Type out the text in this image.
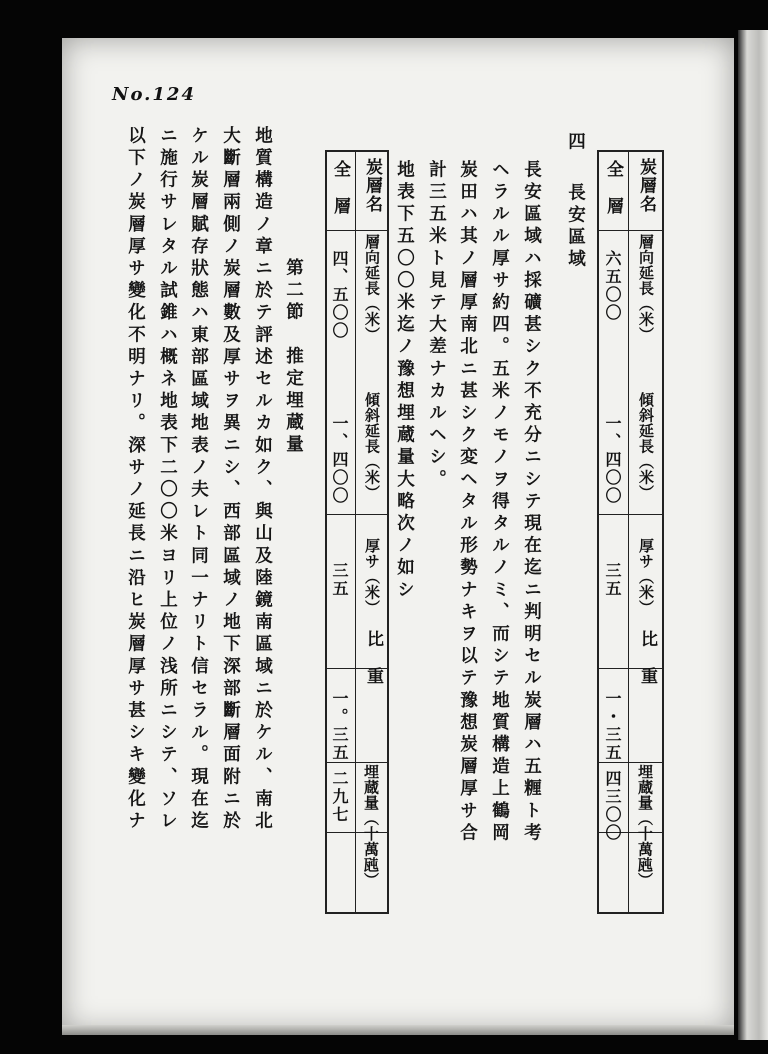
No.124
四
長安區域	炭層名
層向延長（米）
傾斜延長（米）
厚サ（米）
比　重
埋蔵量（十萬瓲）
全　層
六五〇〇
一、四〇〇
三五
一・三五
四三〇〇
長安區域ハ採礦甚シク不充分ニシテ現在迄ニ判明セル炭層ハ五糎ト考
ヘラルル厚サ約四。五米ノモノヲ得タルノミ、而シテ地質構造上鶴岡
炭田ハ其ノ層厚南北ニ甚シク変ヘタル形勢ナキヲ以テ豫想炭層厚サ合
計三五米ト見テ大差ナカルヘシ。
地表下五〇〇米迄ノ豫想埋蔵量大略次ノ如シ
炭層名
層向延長（米）
傾斜延長（米）
厚サ（米）
比　重
埋蔵量（十萬瓲）
全　層
四、五〇〇
一、四〇〇
三五
一。三五
二九七
第二節　推定埋蔵量
地質構造ノ章ニ於テ評述セルカ如ク、與山及陸鏡南區域ニ於ケル、南北
大斷層兩側ノ炭層數及厚サヲ異ニシ、西部區域ノ地下深部斷層面附ニ於
ケル炭層賦存狀態ハ東部區域地表ノ夫レト同一ナリト信セラル。現在迄
ニ施行サレタル試錐ハ概ネ地表下二〇〇米ヨリ上位ノ浅所ニシテ、ソレ
以下ノ炭層厚サ變化不明ナリ。深サノ延長ニ沿ヒ炭層厚サ甚シキ變化ナ
